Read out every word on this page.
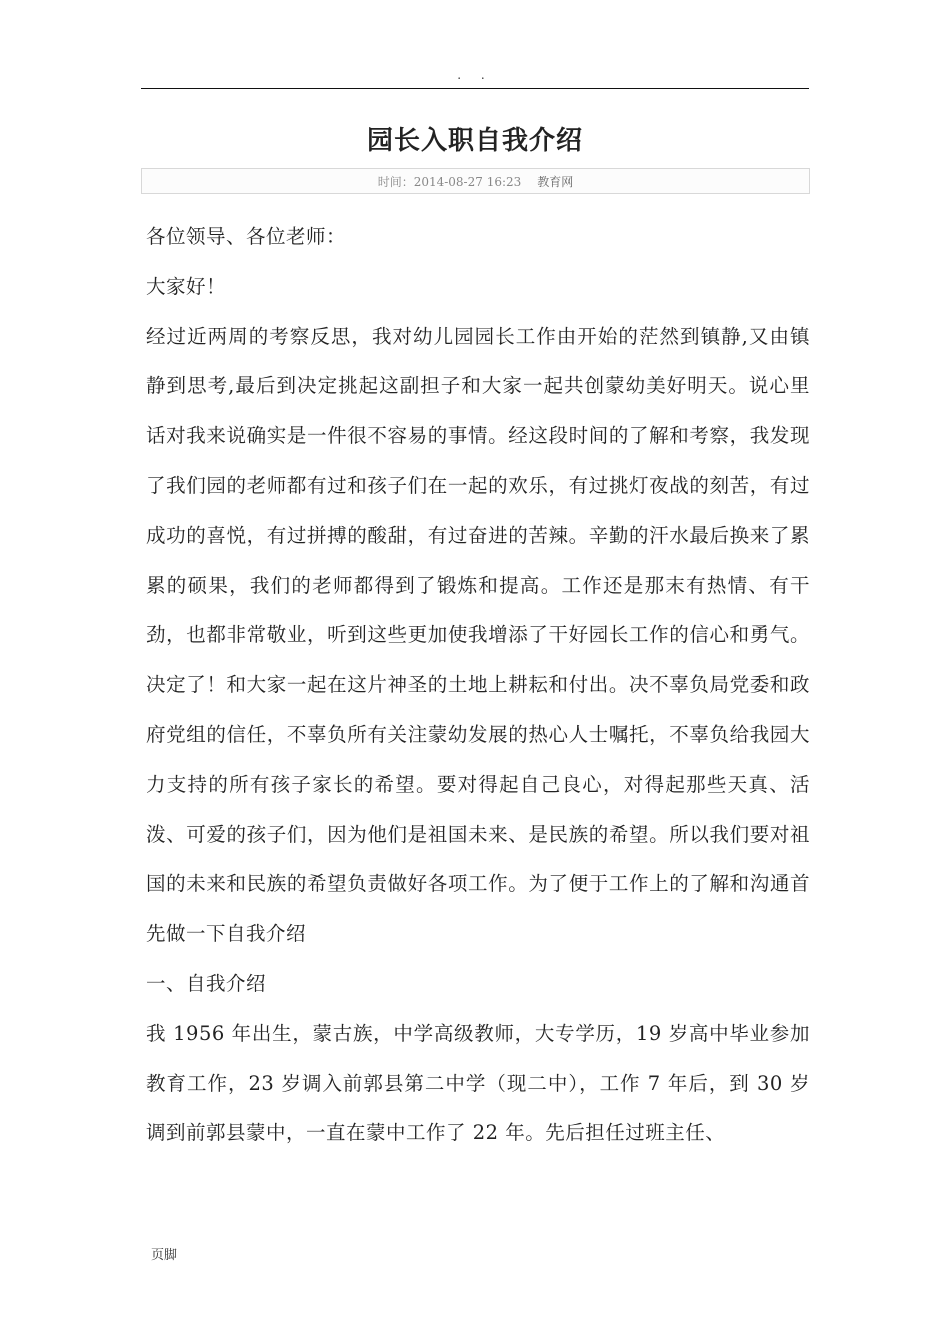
. .
园长入职自我介绍
时间：2014-08-27 16:23 教育网

各位领导、各位老师：

大家好！

经过近两周的考察反思，我对幼儿园园长工作由开始的茫然到镇静,又由镇静到思考,最后到决定挑起这副担子和大家一起共创蒙幼美好明天。说心里话对我来说确实是一件很不容易的事情。经这段时间的了解和考察，我发现了我们园的老师都有过和孩子们在一起的欢乐，有过挑灯夜战的刻苦，有过成功的喜悦，有过拼搏的酸甜，有过奋进的苦辣。辛勤的汗水最后换来了累累的硕果，我们的老师都得到了锻炼和提高。工作还是那末有热情、有干劲，也都非常敬业，听到这些更加使我增添了干好园长工作的信心和勇气。决定了！和大家一起在这片神圣的土地上耕耘和付出。决不辜负局党委和政府党组的信任，不辜负所有关注蒙幼发展的热心人士嘱托，不辜负给我园大力支持的所有孩子家长的希望。要对得起自己良心，对得起那些天真、活泼、可爱的孩子们，因为他们是祖国未来、是民族的希望。所以我们要对祖国的未来和民族的希望负责做好各项工作。为了便于工作上的了解和沟通首先做一下自我介绍

一、自我介绍

我 1956 年出生，蒙古族，中学高级教师，大专学历，19 岁高中毕业参加教育工作，23 岁调入前郭县第二中学（现二中），工作 7 年后，到 30 岁调到前郭县蒙中，一直在蒙中工作了 22 年。先后担任过班主任、

页脚
